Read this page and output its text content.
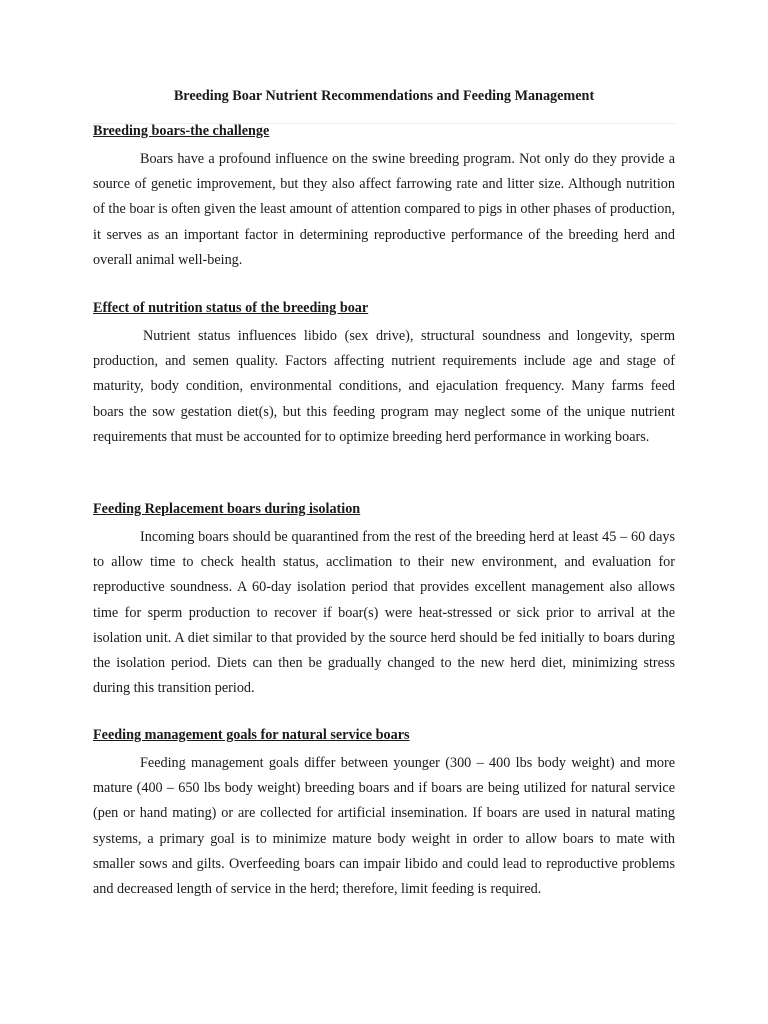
Breeding Boar Nutrient Recommendations and Feeding Management
Breeding boars-the challenge

Boars have a profound influence on the swine breeding program. Not only do they provide a source of genetic improvement, but they also affect farrowing rate and litter size. Although nutrition of the boar is often given the least amount of attention compared to pigs in other phases of production, it serves as an important factor in determining reproductive performance of the breeding herd and overall animal well-being.

Effect of nutrition status of the breeding boar

Nutrient status influences libido (sex drive), structural soundness and longevity, sperm production, and semen quality. Factors affecting nutrient requirements include age and stage of maturity, body condition, environmental conditions, and ejaculation frequency. Many farms feed boars the sow gestation diet(s), but this feeding program may neglect some of the unique nutrient requirements that must be accounted for to optimize breeding herd performance in working boars.

Feeding Replacement boars during isolation

Incoming boars should be quarantined from the rest of the breeding herd at least 45 – 60 days to allow time to check health status, acclimation to their new environment, and evaluation for reproductive soundness. A 60-day isolation period that provides excellent management also allows time for sperm production to recover if boar(s) were heat-stressed or sick prior to arrival at the isolation unit. A diet similar to that provided by the source herd should be fed initially to boars during the isolation period. Diets can then be gradually changed to the new herd diet, minimizing stress during this transition period.

Feeding management goals for natural service boars

Feeding management goals differ between younger (300 – 400 lbs body weight) and more mature (400 – 650 lbs body weight) breeding boars and if boars are being utilized for natural service (pen or hand mating) or are collected for artificial insemination. If boars are used in natural mating systems, a primary goal is to minimize mature body weight in order to allow boars to mate with smaller sows and gilts. Overfeeding boars can impair libido and could lead to reproductive problems and decreased length of service in the herd; therefore, limit feeding is required.
